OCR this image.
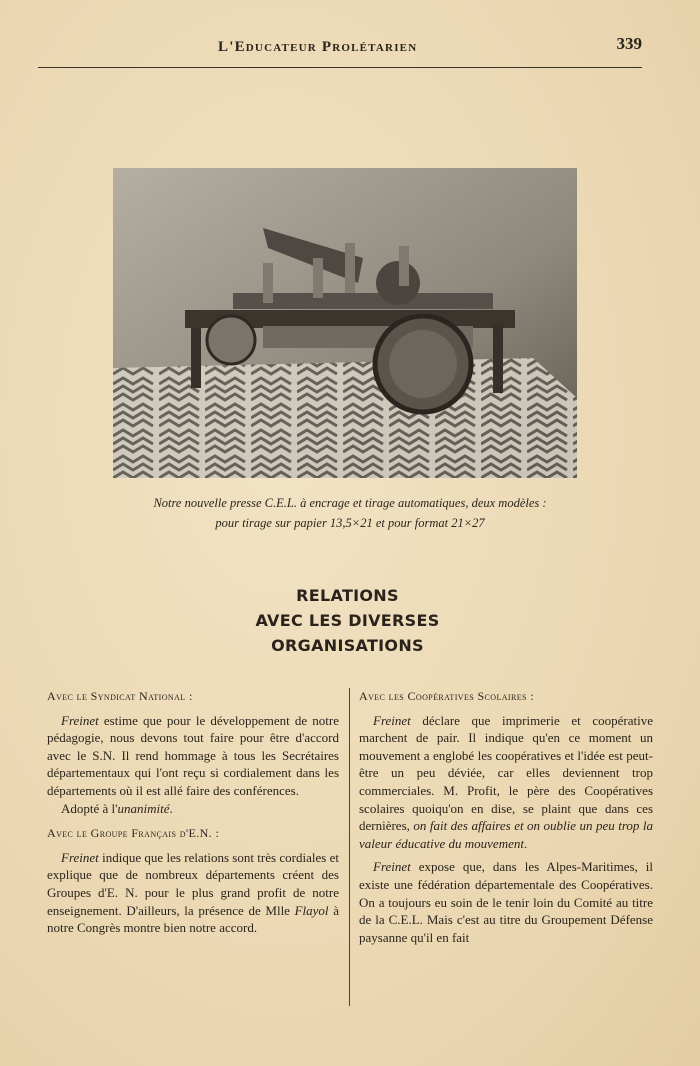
L'Educateur Prolétarien	339
Notre nouvelle presse C.E.L. à encrage et tirage automatiques, deux modèles :
pour tirage sur papier 13,5×21 et pour format 21×27
RELATIONS
AVEC LES DIVERSES
ORGANISATIONS
Avec le Syndicat National :
Freinet estime que pour le développement de notre pédagogie, nous devons tout faire pour être d'accord avec le S.N. Il rend hommage à tous les Secrétaires départementaux qui l'ont reçu si cordialement dans les départements où il est allé faire des conférences.
Adopté à l'unanimité.
Avec le Groupe Français d'E.N. :
Freinet indique que les relations sont très cordiales et explique que de nombreux départements créent des Groupes d'E. N. pour le plus grand profit de notre enseignement. D'ailleurs, la présence de Mlle Flayol à notre Congrès montre bien notre accord.
Avec les Coopératives Scolaires :
Freinet déclare que imprimerie et coopérative marchent de pair. Il indique qu'en ce moment un mouvement a englobé les coopératives et l'idée est peut-être un peu déviée, car elles deviennent trop commerciales. M. Profit, le père des Coopératives scolaires quoiqu'on en dise, se plaint que dans ces dernières, on fait des affaires et on oublie un peu trop la valeur éducative du mouvement.
Freinet expose que, dans les Alpes-Maritimes, il existe une fédération départementale des Coopératives. On a toujours eu soin de le tenir loin du Comité au titre de la C.E.L. Mais c'est au titre du Groupement Défense paysanne qu'il en fait
